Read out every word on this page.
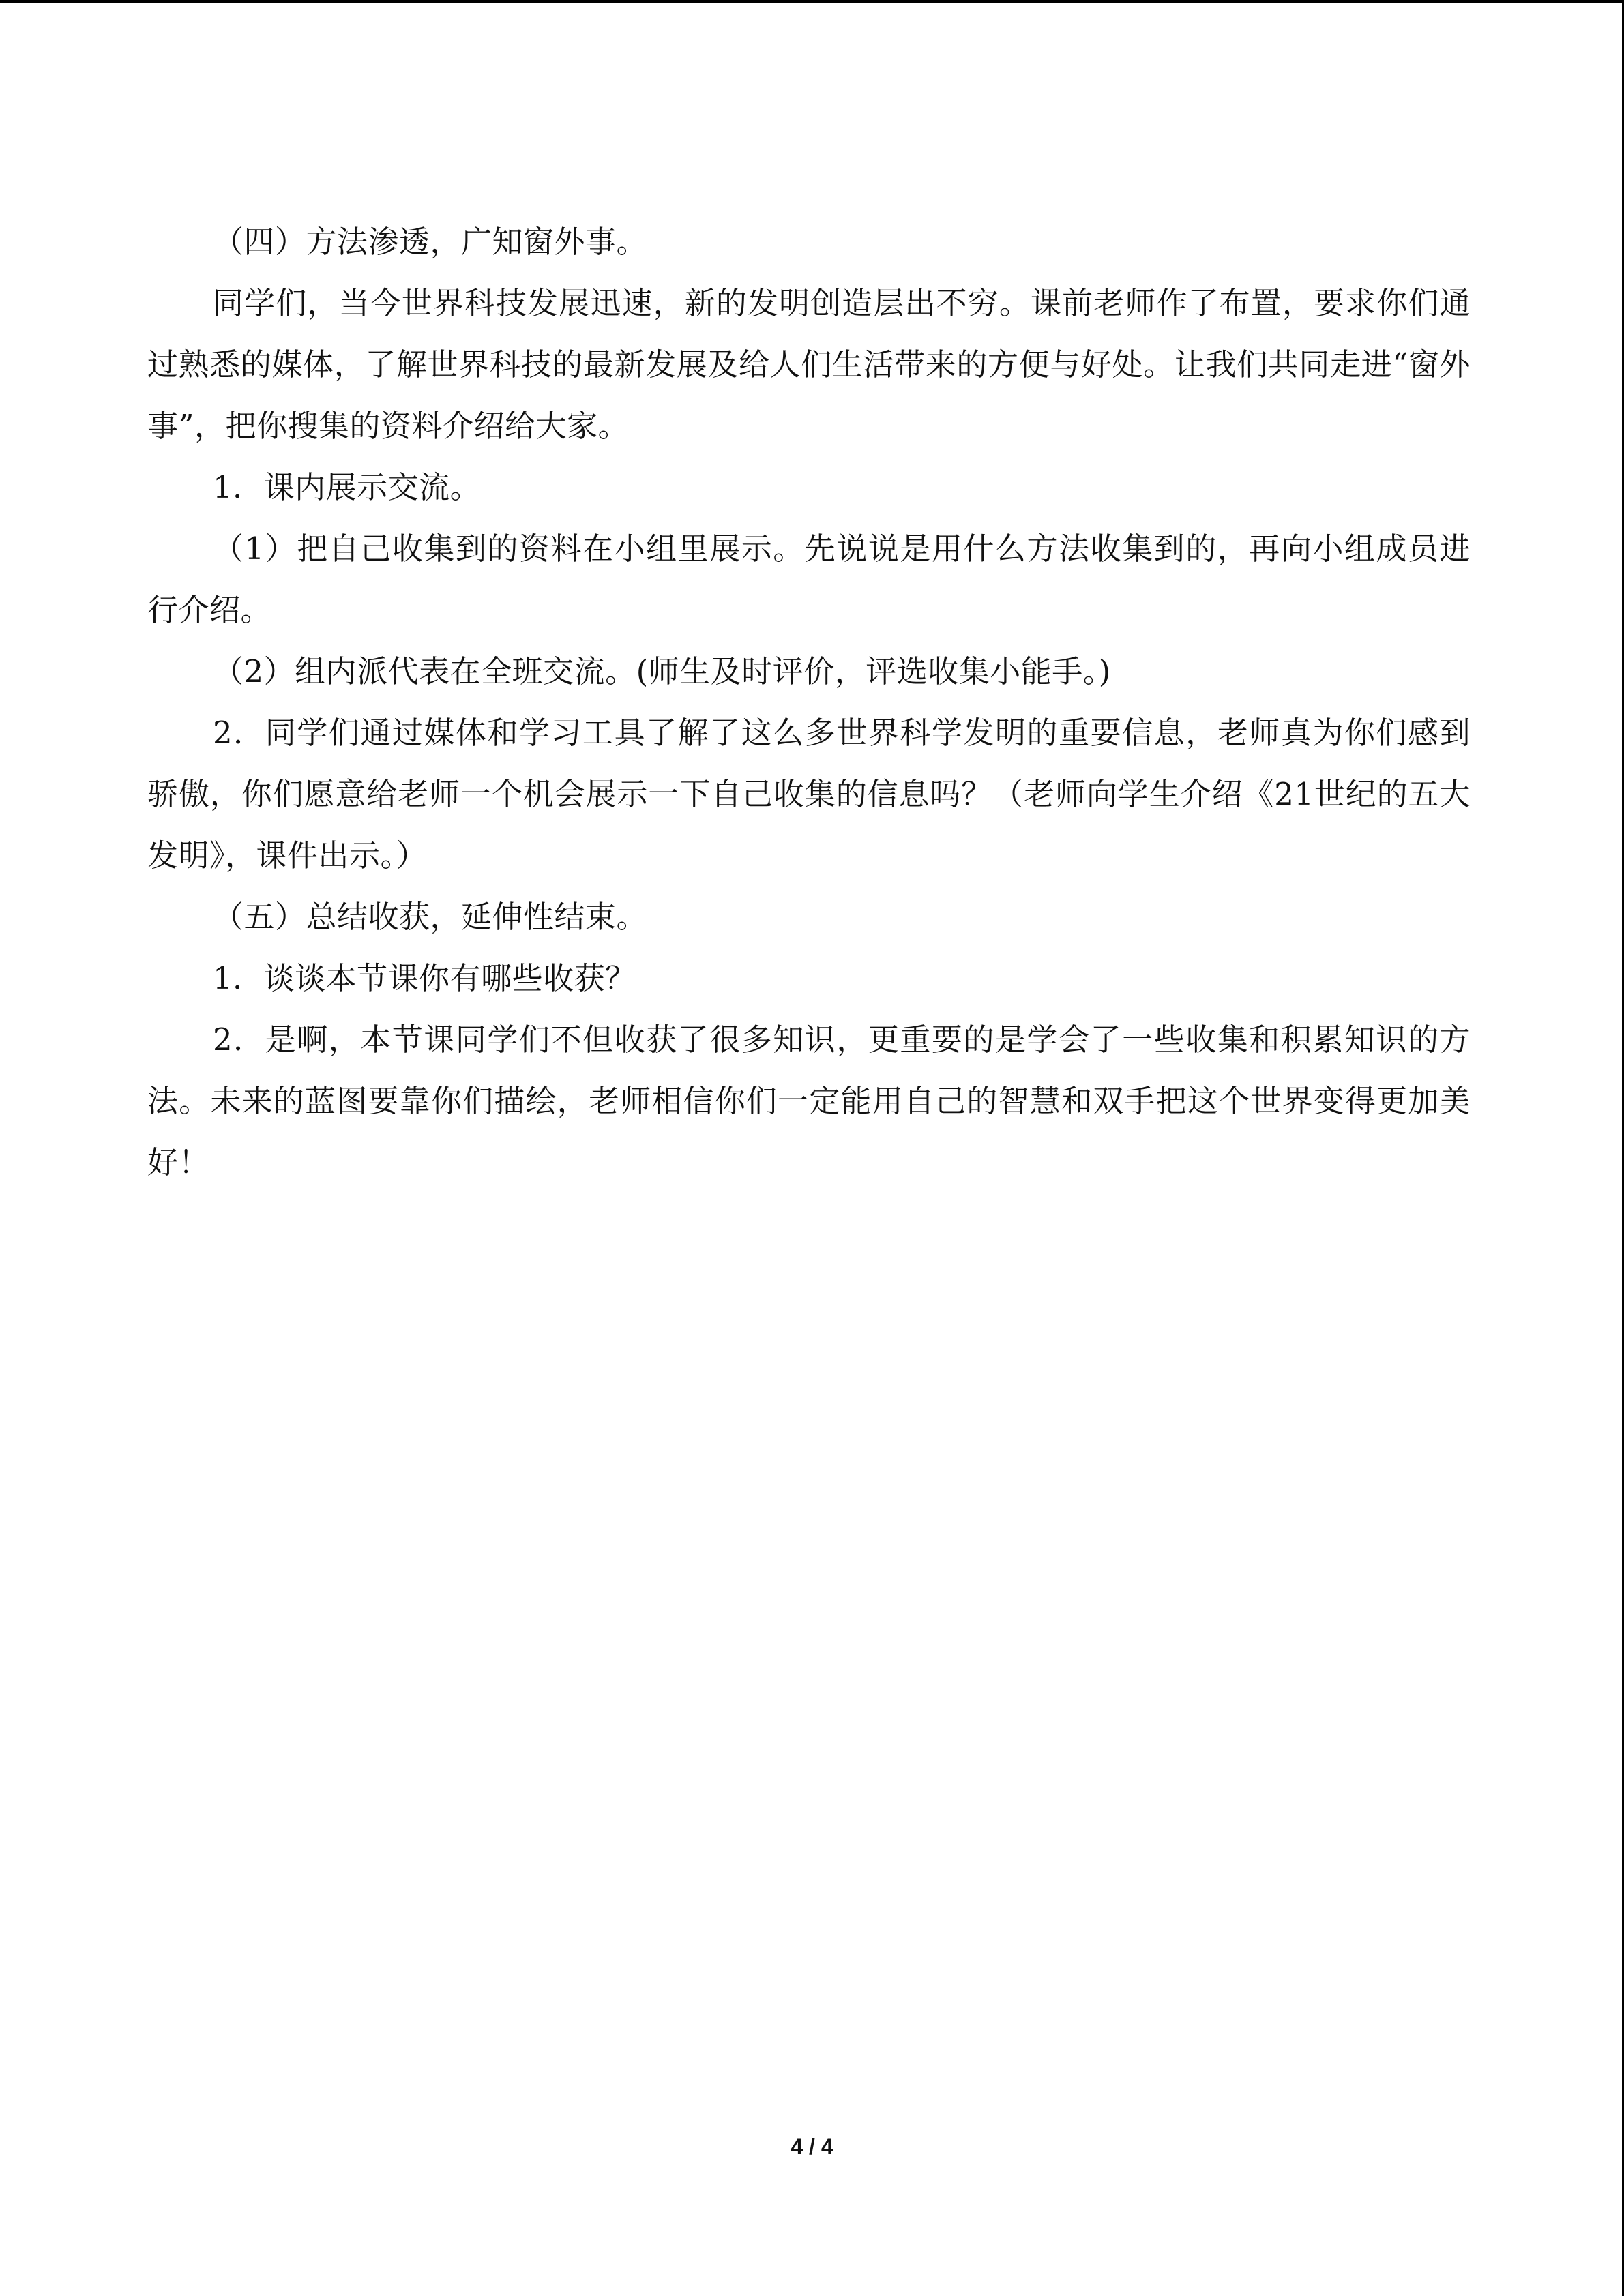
（四）方法渗透，广知窗外事。

同学们，当今世界科技发展迅速，新的发明创造层出不穷。课前老师作了布置，要求你们通过熟悉的媒体，了解世界科技的最新发展及给人们生活带来的方便与好处。让我们共同走进“窗外事”，把你搜集的资料介绍给大家。

1．课内展示交流。

（1）把自己收集到的资料在小组里展示。先说说是用什么方法收集到的，再向小组成员进行介绍。

（2）组内派代表在全班交流。(师生及时评价，评选收集小能手。)

2．同学们通过媒体和学习工具了解了这么多世界科学发明的重要信息，老师真为你们感到骄傲，你们愿意给老师一个机会展示一下自己收集的信息吗？（老师向学生介绍《21世纪的五大发明》，课件出示。）

（五）总结收获，延伸性结束。

1．谈谈本节课你有哪些收获？

2．是啊，本节课同学们不但收获了很多知识，更重要的是学会了一些收集和积累知识的方法。未来的蓝图要靠你们描绘，老师相信你们一定能用自己的智慧和双手把这个世界变得更加美好！

4 / 4
